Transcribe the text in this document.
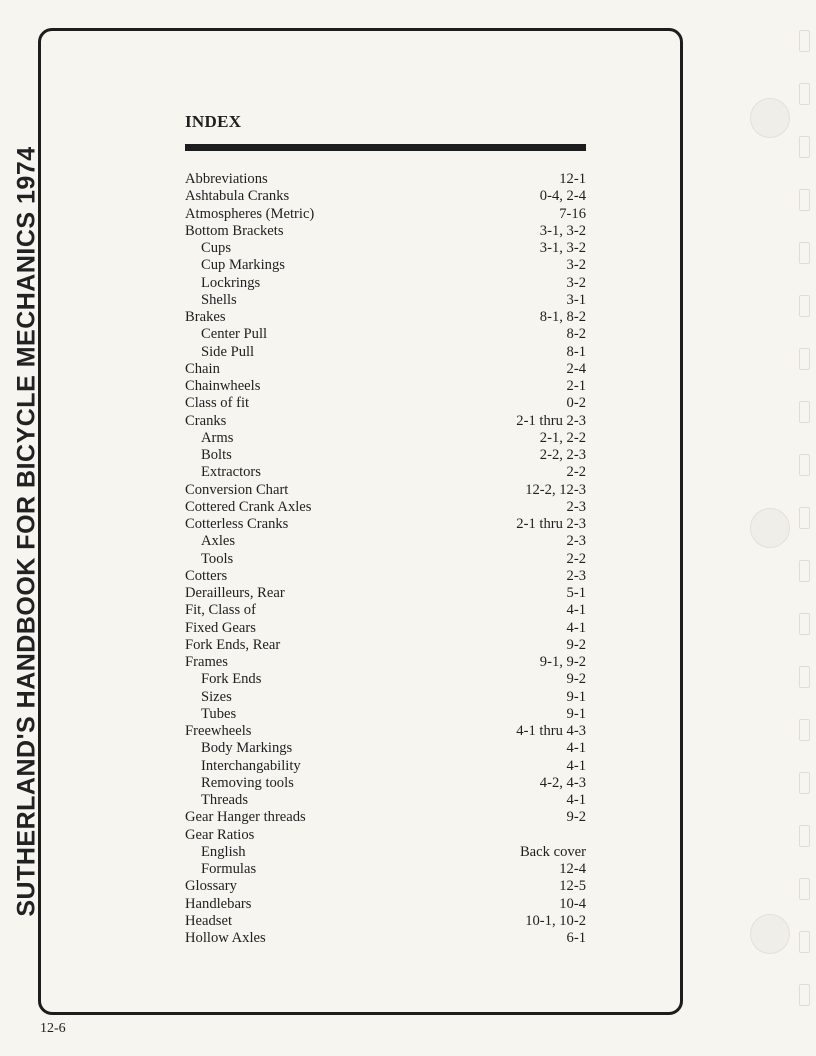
SUTHERLAND'S HANDBOOK FOR BICYCLE MECHANICS 1974
INDEX
Abbreviations	12-1
Ashtabula Cranks	0-4, 2-4
Atmospheres (Metric)	7-16
Bottom Brackets	3-1, 3-2
Cups	3-1, 3-2
Cup Markings	3-2
Lockrings	3-2
Shells	3-1
Brakes	8-1, 8-2
Center Pull	8-2
Side Pull	8-1
Chain	2-4
Chainwheels	2-1
Class of fit	0-2
Cranks	2-1 thru 2-3
Arms	2-1, 2-2
Bolts	2-2, 2-3
Extractors	2-2
Conversion Chart	12-2, 12-3
Cottered Crank Axles	2-3
Cotterless Cranks	2-1 thru 2-3
Axles	2-3
Tools	2-2
Cotters	2-3
Derailleurs, Rear	5-1
Fit, Class of	4-1
Fixed Gears	4-1
Fork Ends, Rear	9-2
Frames	9-1, 9-2
Fork Ends	9-2
Sizes	9-1
Tubes	9-1
Freewheels	4-1 thru 4-3
Body Markings	4-1
Interchangability	4-1
Removing tools	4-2, 4-3
Threads	4-1
Gear Hanger threads	9-2
Gear Ratios
English	Back cover
Formulas	12-4
Glossary	12-5
Handlebars	10-4
Headset	10-1, 10-2
Hollow Axles	6-1
12-6
